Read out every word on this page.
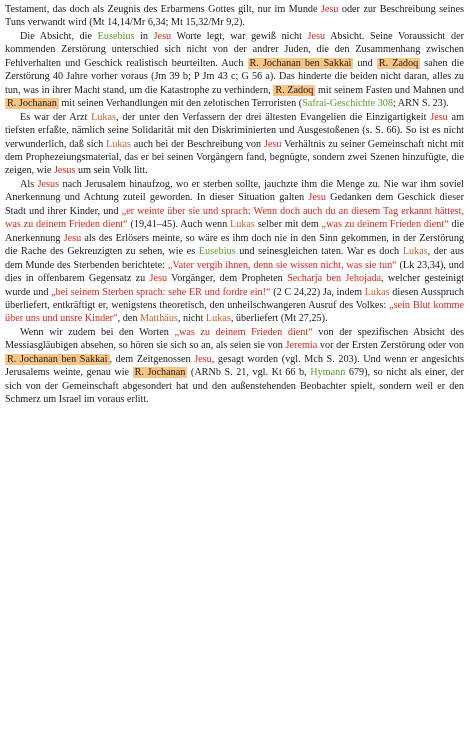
Testament, das doch als Zeugnis des Erbarmens Gottes gilt, nur im Munde Jesu oder zur Beschreibung seines Tuns verwandt wird (Mt 14,14/Mr 6,34; Mt 15,32/Mr 9,2).

Die Absicht, die Eusebius in Jesu Worte legt, war gewiß nicht Jesu Absicht. Seine Voraussicht der kommenden Zerstörung unterschied sich nicht von der andrer Juden, die den Zusammenhang zwischen Fehlverhalten und Geschick realistisch beurteilten. Auch R. Jochanan ben Sakkai und R. Zadoq sahen die Zerstörung 40 Jahre vorher voraus (Jm 39 b; P Jm 43 c; G 56 a). Das hinderte die beiden nicht daran, alles zu tun, was in ihrer Macht stand, um die Katastrophe zu verhindern, R. Zadoq mit seinem Fasten und Mahnen und R. Jochanan mit seinen Verhandlungen mit den zelotischen Terroristen (Safrai-Geschichte 308; ARN S. 23).

Es war der Arzt Lukas, der unter den Verfassern der drei ältesten Evangelien die Einzigartigkeit Jesu am tiefsten erfaßte, nämlich seine Solidarität mit den Diskriminierten und Ausgestoßenen (s. S. 66). So ist es nicht verwunderlich, daß sich Lukas auch bei der Beschreibung von Jesu Verhältnis zu seiner Gemeinschaft nicht mit dem Prophezeiungsmaterial, das er bei seinen Vorgängern fand, begnügte, sondern zwei Szenen hinzufügte, die zeigen, wie Jesus um sein Volk litt.

Als Jesus nach Jerusalem hinaufzog, wo er sterben sollte, jauchzte ihm die Menge zu. Nie war ihm soviel Anerkennung und Achtung zuteil geworden. In dieser Situation galten Jesu Gedanken dem Geschick dieser Stadt und ihrer Kinder, und „er weinte über sie und sprach: Wenn doch auch du an diesem Tag erkannt hättest, was zu deinem Frieden dient“ (19,41–45). Auch wenn Lukas selber mit dem „was zu deinem Frieden dient“ die Anerkennung Jesu als des Erlösers meinte, so wäre es ihm doch nie in den Sinn gekommen, in der Zerstörung die Rache des Gekreuzigten zu sehen, wie es Eusebius und seinesgleichen taten. War es doch Lukas, der aus dem Munde des Sterbenden berichtete: „Vater vergib ihnen, denn sie wissen nicht, was sie tun“ (Lk 23,34), und dies in offenbarem Gegensatz zu Jesu Vorgänger, dem Propheten Secharja ben Jehojada, welcher gesteinigt wurde und „bei seinem Sterben sprach: sehe ER und fordre ein!“ (2 C 24,22) Ja, indem Lukas diesen Ausspruch überliefert, entkräftigt er, wenigstens theoretisch, den unheilschwangeren Ausruf des Volkes: „sein Blut komme über uns und unsre Kinder“, den Matthäus, nicht Lukas, überliefert (Mt 27,25).

Wenn wir zudem bei den Worten „was zu deinem Frieden dient“ von der spezifischen Absicht des Messiasgläubigen absehen, so hören sie sich so an, als seien sie von Jeremia vor der Ersten Zerstörung oder von R. Jochanan ben Sakkai , dem Zeitgenossen Jesu, gesagt worden (vgl. Mch S. 203). Und wenn er angesichts Jerusalems weinte, genau wie R. Jochanan (ARNb S. 21, vgl. Kt 66 b, Hymann 679), so nicht als einer, der sich von der Gemeinschaft abgesondert hat und den außenstehenden Beobachter spielt, sondern weil er den Schmerz um Israel im voraus erlitt.
